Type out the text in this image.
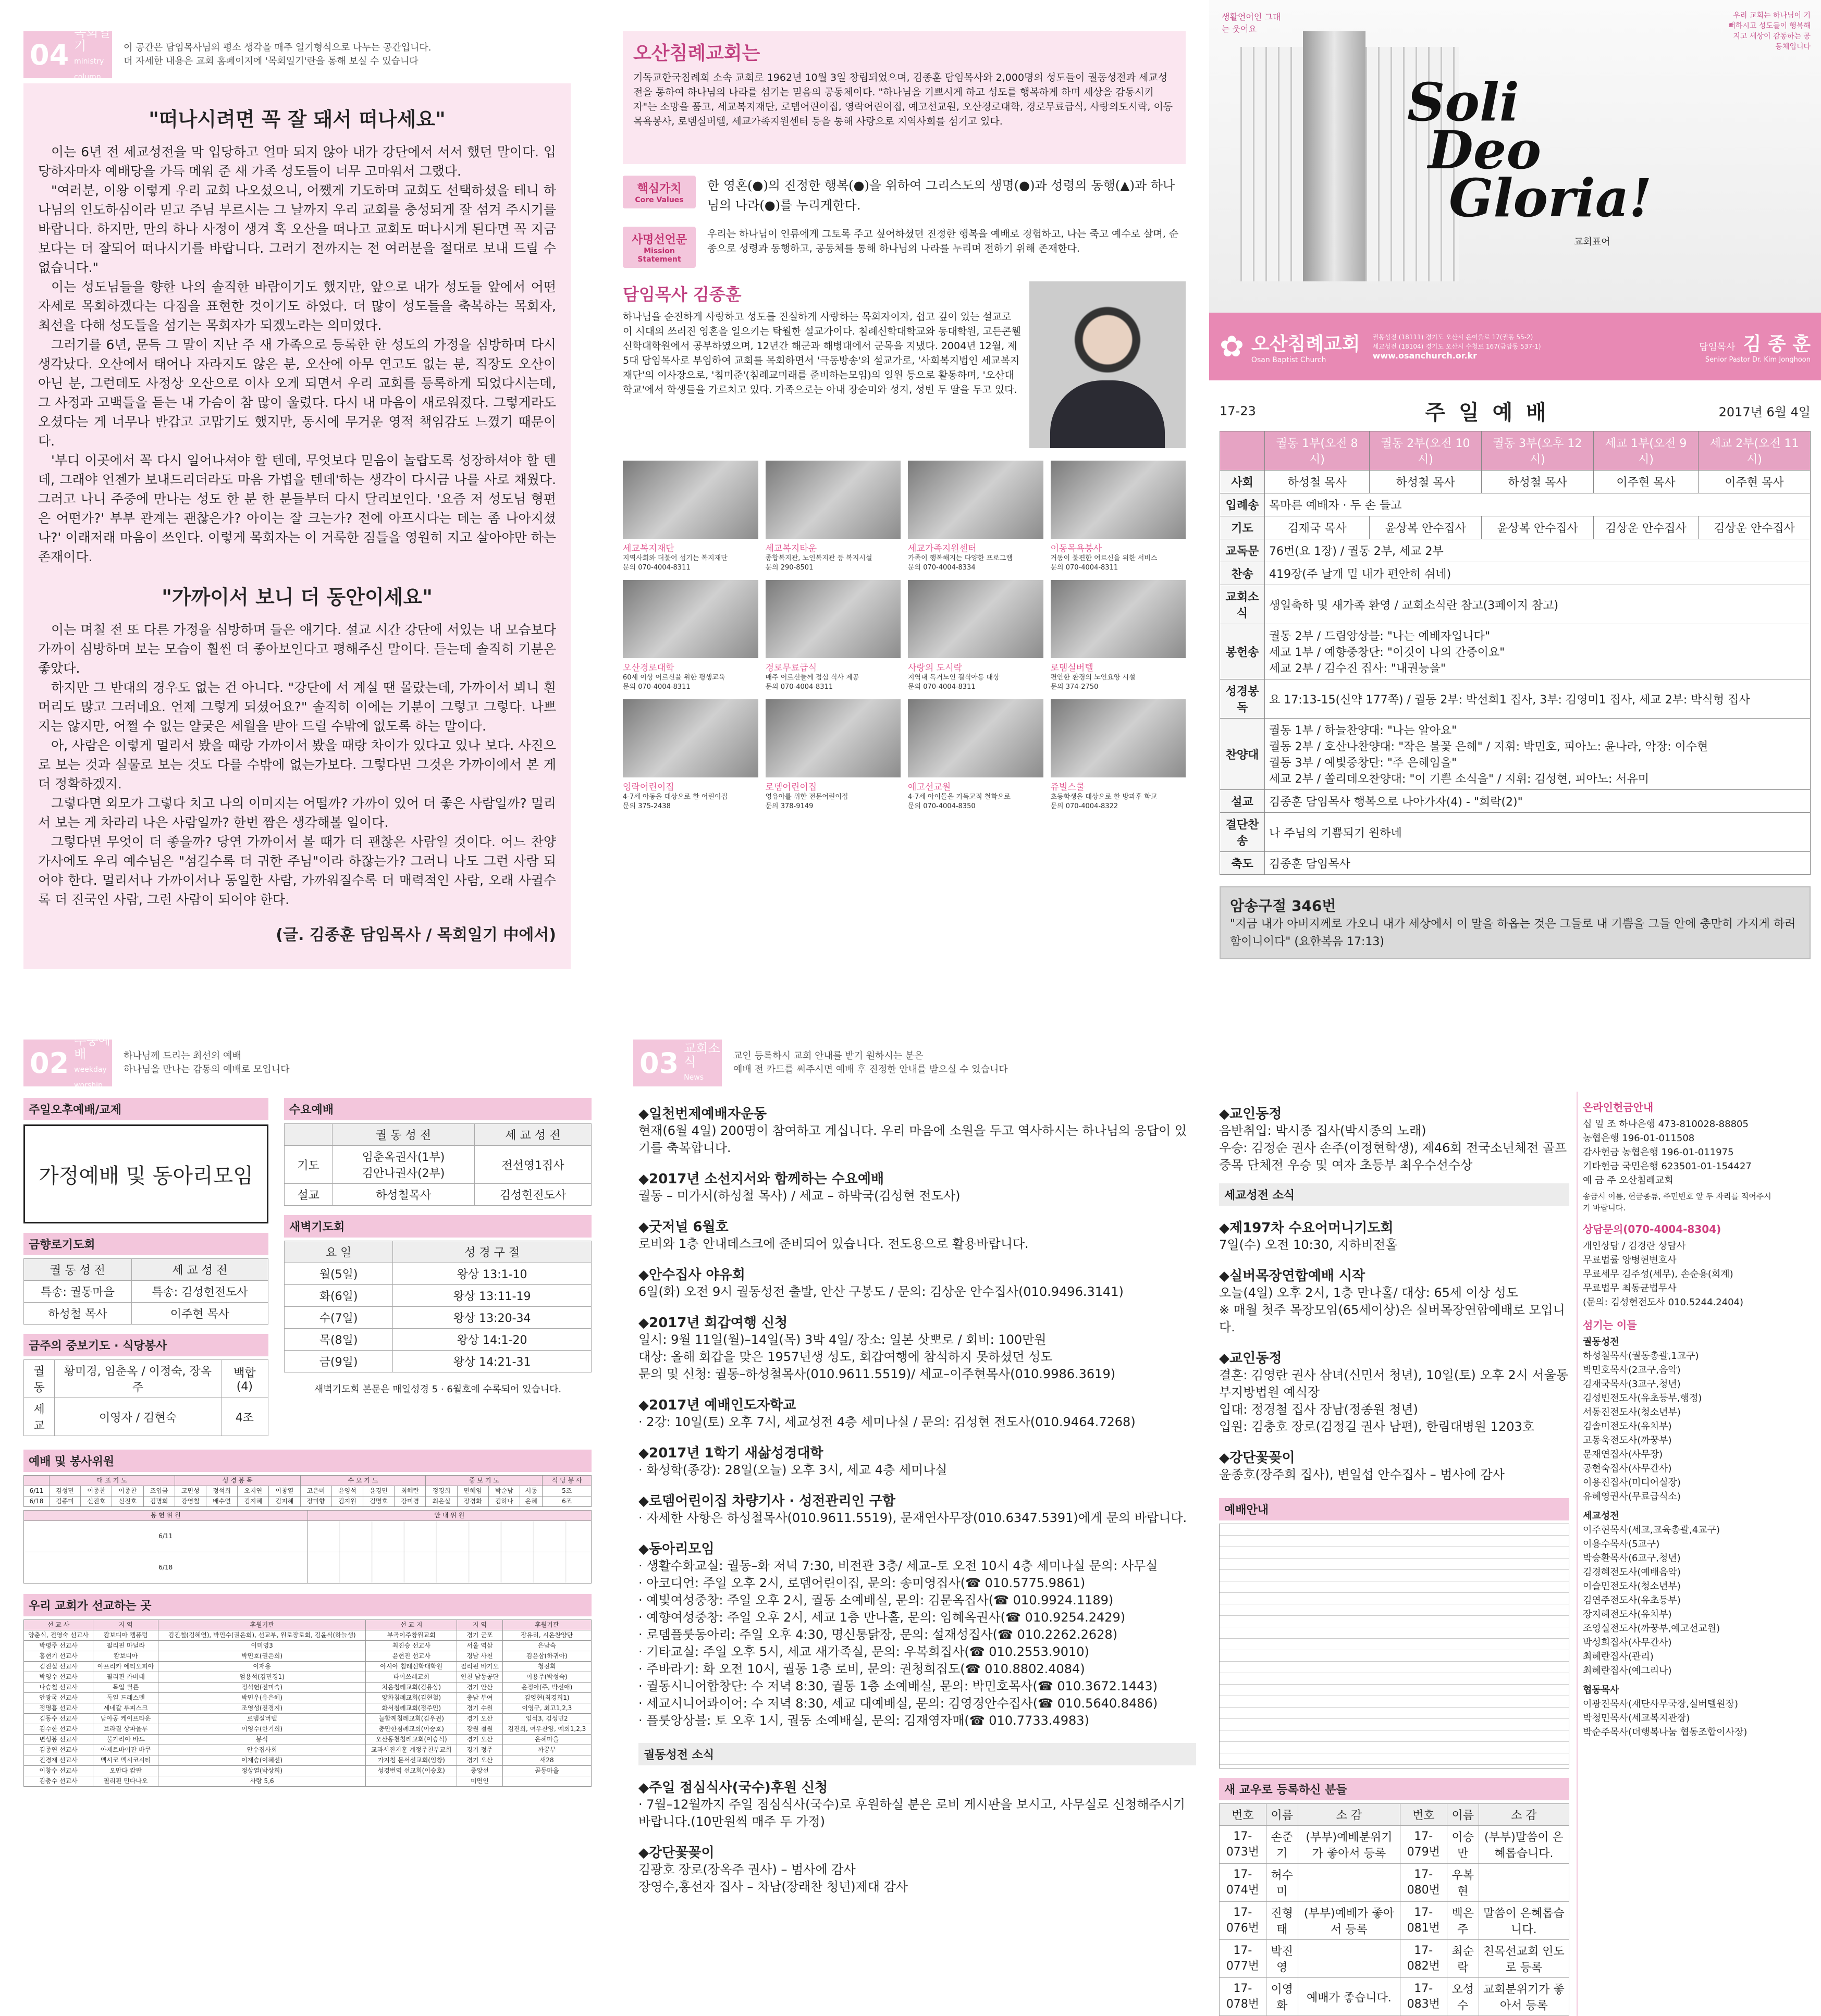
04
목회일기
ministry column
이 공간은 담임목사님의 평소 생각을 매주 일기형식으로 나누는 공간입니다.
더 자세한 내용은 교회 홈페이지에 '목회일기'란을 통해 보실 수 있습니다
"떠나시려면 꼭 잘 돼서 떠나세요"

이는 6년 전 세교성전을 막 입당하고 얼마 되지 않아 내가 강단에서 서서 했던 말이다. 입당하자마자 예배당을 가득 메워 준 새 가족 성도들이 너무 고마워서 그랬다.

"여러분, 이왕 이렇게 우리 교회 나오셨으니, 어쨌게 기도하며 교회도 선택하셨을 테니 하나님의 인도하심이라 믿고 주님 부르시는 그 날까지 우리 교회를 충성되게 잘 섬겨 주시기를 바랍니다. 하지만, 만의 하나 사정이 생겨 혹 오산을 떠나고 교회도 떠나시게 된다면 꼭 지금보다는 더 잘되어 떠나시기를 바랍니다. 그러기 전까지는 전 여러분을 절대로 보내 드릴 수 없습니다."

이는 성도님들을 향한 나의 솔직한 바람이기도 했지만, 앞으로 내가 성도들 앞에서 어떤 자세로 목회하겠다는 다짐을 표현한 것이기도 하였다. 더 많이 성도들을 축복하는 목회자, 최선을 다해 성도들을 섬기는 목회자가 되겠노라는 의미였다.

그러기를 6년, 문득 그 말이 지난 주 새 가족으로 등록한 한 성도의 가정을 심방하며 다시 생각났다. 오산에서 태어나 자라지도 않은 분, 오산에 아무 연고도 없는 분, 직장도 오산이 아닌 분, 그런데도 사정상 오산으로 이사 오게 되면서 우리 교회를 등록하게 되었다시는데, 그 사정과 고백들을 듣는 내 가슴이 참 많이 울렸다. 다시 내 마음이 새로워졌다. 그렇게라도 오셨다는 게 너무나 반갑고 고맙기도 했지만, 동시에 무거운 영적 책임감도 느꼈기 때문이다.

'부디 이곳에서 꼭 다시 일어나셔야 할 텐데, 무엇보다 믿음이 놀랍도록 성장하셔야 할 텐데, 그래야 언젠가 보내드리더라도 마음 가볍을 텐데'하는 생각이 다시금 나를 사로 채웠다. 그러고 나니 주중에 만나는 성도 한 분 한 분들부터 다시 달리보인다. '요즘 저 성도님 형편은 어떤가?' 부부 관계는 괜찮은가? 아이는 잘 크는가? 전에 아프시다는 데는 좀 나아지셨나?' 이래저래 마음이 쓰인다. 이렇게 목회자는 이 거룩한 짐들을 영원히 지고 살아야만 하는 존재이다.

"가까이서 보니 더 동안이세요"

이는 며칠 전 또 다른 가정을 심방하며 들은 얘기다. 설교 시간 강단에 서있는 내 모습보다 가까이 심방하며 보는 모습이 훨씬 더 좋아보인다고 평해주신 말이다. 듣는데 솔직히 기분은 좋았다.

하지만 그 반대의 경우도 없는 건 아니다. "강단에 서 계실 땐 몰랐는데, 가까이서 뵈니 흰머리도 많고 그러네요. 언제 그렇게 되셨어요?" 솔직히 이에는 기분이 그렇고 그렇다. 나쁘지는 않지만, 어쩔 수 없는 얄궂은 세월을 받아 드릴 수밖에 없도록 하는 말이다.

아, 사람은 이렇게 멀리서 봤을 때랑 가까이서 봤을 때랑 차이가 있다고 있나 보다. 사진으로 보는 것과 실물로 보는 것도 다를 수밖에 없는가보다. 그렇다면 그것은 가까이에서 본 게 더 정확하겠지.

그렇다면 외모가 그렇다 치고 나의 이미지는 어떨까? 가까이 있어 더 좋은 사람일까? 멀리서 보는 게 차라리 나은 사람일까? 한번 짬은 생각해볼 일이다.

그렇다면 무엇이 더 좋을까? 당연 가까이서 볼 때가 더 괜찮은 사람일 것이다. 어느 찬양 가사에도 우리 예수님은 "섬길수록 더 귀한 주님"이라 하잖는가? 그러니 나도 그런 사람 되어야 한다. 멀리서나 가까이서나 동일한 사람, 가까워질수록 더 매력적인 사람, 오래 사귈수록 더 진국인 사람, 그런 사람이 되어야 한다.

(글. 김종훈 담임목사 / 목회일기 中에서)
오산침례교회는
기독교한국침례회 소속 교회로 1962년 10월 3일 창립되었으며, 김종훈 담임목사와 2,000명의 성도들이 궐동성전과 세교성전을 통하여 하나님의 나라를 섬기는 믿음의 공동체이다. "하나님을 기쁘시게 하고 성도를 행복하게 하며 세상을 감동시키자"는 소망을 품고, 세교복지재단, 로뎀어린이집, 영락어린이집, 예고선교원, 오산경로대학, 경로무료급식, 사랑의도시락, 이동목욕봉사, 로뎀실버텔, 세교가족지원센터 등을 통해 사랑으로 지역사회를 섬기고 있다.
핵심가치
Core Values
한 영혼(●)의 진정한 행복(●)을 위하여 그리스도의 생명(●)과 성령의 동행(▲)과 하나님의 나라(●)를 누리게한다.
사명선언문
Mission Statement
우리는 하나님이 인류에게 그토록 주고 싶어하셨던 진정한 행복을 예배로 경험하고, 나는 죽고 예수로 살며, 순종으로 성령과 동행하고, 공동체를 통해 하나님의 나라를 누리며 전하기 위해 존재한다.
담임목사 김종훈
하나님을 순진하게 사랑하고 성도를 진실하게 사랑하는 목회자이자, 쉽고 깊이 있는 설교로 이 시대의 쓰러진 영혼을 일으키는 탁월한 설교가이다. 침례신학대학교와 동대학원, 고든콘웰신학대학원에서 공부하였으며, 12년간 해군과 해병대에서 군목을 지냈다. 2004년 12월, 제5대 담임목사로 부임하여 교회를 목회하면서 '극동방송'의 설교가로, '사회복지법인 세교복지재단'의 이사장으로, '침미준'(침례교미래를 준비하는모임)의 일원 등으로 활동하며, '오산대학교'에서 학생들을 가르치고 있다. 가족으로는 아내 장순미와 성지, 성빈 두 딸을 두고 있다.
세교복지재단
지역사회와 더불어 섬기는 복지재단
문의 070-4004-8311
세교복지타운
종합복지관, 노인복지관 등 복지시설
문의 290-8501
세교가족지원센터
가족이 행복해지는 다양한 프로그램
문의 070-4004-8334
이동목욕봉사
거동이 불편한 어르신을 위한 서비스
문의 070-4004-8311
오산경로대학
60세 이상 어르신을 위한 평생교육
문의 070-4004-8311
경로무료급식
매주 어르신들께 점심 식사 제공
문의 070-4004-8311
사랑의 도시락
지역내 독거노인 결식아동 대상
문의 070-4004-8311
로뎀실버텔
편안한 환경의 노인요양 시설
문의 374-2750
영락어린이집
4-7세 아동을 대상으로 한 어린이집
문의 375-2438
로뎀어린이집
영유아를 위한 전문어린이집
문의 378-9149
예고선교원
4-7세 아이들을 기독교적 철학으로
문의 070-4004-8350
쥬빌스쿨
초등학생을 대상으로 한 방과후 학교
문의 070-4004-8322
생활언어인 그대는 웃어요
우리 교회는 하나님이 기뻐하시고 성도들이 행복해지고 세상이 감동하는 공동체입니다
Soli
Deo
Gloria!
교회표어
✿ 오산침례교회
Osan Baptist Church
궐동성전 (18111) 경기도 오산시 은여울로 17(궐동 55-2)
세교성전 (18104) 경기도 오산시 수청로 167(금암동 537-1)
www.osanchurch.or.kr
담임목사 김 종 훈
Senior Pastor Dr. Kim Jonghoon
17-23	주 일 예 배	2017년 6월 4일
	궐동 1부(오전 8시)	궐동 2부(오전 10시)	궐동 3부(오후 12시)	세교 1부(오전 9시)	세교 2부(오전 11시)
사회	하성철 목사	하성철 목사	하성철 목사	이주현 목사	이주현 목사
입례송	목마른 예배자 · 두 손 들고				
기도	김재국 목사	윤상복 안수집사	윤상복 안수집사	김상운 안수집사	김상운 안수집사
교독문	76번(요 1장) / 궐동 2부, 세교 2부				
찬송	419장(주 날개 밑 내가 편안히 쉬네)				
교회소식	생일축하 및 새가족 환영 / 교회소식란 참고(3페이지 참고)				
봉헌송	궐동 2부 / 드림앙상블: "나는 예배자입니다"
세교 1부 / 예향중창단: "이것이 나의 간증이요"
세교 2부 / 김수진 집사: "내권능을"				

성경봉독	요 17:13-15(신약 177쪽) / 궐동 2부: 박선희1 집사, 3부: 김영미1 집사, 세교 2부: 박식형 집사				
찬양대	궐동 1부 / 하늘찬양대: "나는 알아요"
궐동 2부 / 호산나찬양대: "작은 불꽃 은혜" / 지휘: 박민호, 피아노: 윤나라, 악장: 이수현
궐동 3부 / 예빛중창단: "주 은혜임을"
세교 2부 / 쏠리데오찬양대: "이 기쁜 소식을" / 지휘: 김성현, 피아노: 서유미				

설교	김종훈 담임목사 행복으로 나아가자(4) - "희락(2)"				
결단찬송	나 주님의 기쁨되기 원하네				
축도	김종훈 담임목사				
암송구절 346번
"지금 내가 아버지께로 가오니 내가 세상에서 이 말을 하옵는 것은 그들로 내 기쁨을 그들 안에 충만히 가지게 하려 함이니이다" (요한복음 17:13)
02
주중예배
weekday worship
하나님께 드리는 최선의 예배
하나님을 만나는 감동의 예배로 모입니다
주일오후예배/교제
가정예배 및 동아리모임
금향로기도회
궐 동 성 전	세 교 성 전
특송: 궐동마을	특송: 김성현전도사
하성철 목사	이주현 목사
금주의 중보기도 · 식당봉사
궐동	황미경, 임춘옥 / 이정숙, 장옥주	백합(4)
세교	이영자 / 김현숙	4조
수요예배
	궐 동 성 전	세 교 성 전
기도	임춘옥권사(1부)
김안나권사(2부)	전선영1집사
설교	하성철목사	김성현전도사
새벽기도회
요 일	성 경 구 절
월(5일)	왕상 13:1-10
화(6일)	왕상 13:11-19
수(7일)	왕상 13:20-34
목(8일)	왕상 14:1-20
금(9일)	왕상 14:21-31
새벽기도회 본문은 매일성경 5 · 6월호에 수록되어 있습니다.
예배 및 봉사위원
	대 표 기 도				성 경 봉 독				수 요 기 도				중 보 기 도				식 당 봉 사
6/11	김성민	이종찬	이종찬	조입금	고민성	정석희	오지연	이창열	고은미	윤영석	윤경민	최혜란	정경희	민혜임	박순남	서동	5조
6/18	김종미	신진호	신진호	김명희	강영철	배수연	김지혜	김지혜	장미향	김지원	김명호	강미경	최은실	장경화	김하나	은혜	6조
봉 헌 위 원	안 내 위 원
6/11	
6/18	
우리 교회가 선교하는 곳
선 교 사	지 역	후원기관	선 교 지	지 역	후원기관
양춘식, 전영숙 선교사	캄보디아 캠퐁텀	김진철(김혜연), 박민수(권은희), 선교부, 원로장로회, 김윤식(하늘생)	부곡이주창원교회	경기 군포	장유리, 시온찬양단
박평주 선교사	필리핀 마닐라	이미영3	최진승 선교사	서울 역삼	은남숙
홍현기 선교사	캄보디아	박민호(권은희)	윤현진 선교사	경남 사천	김윤삼(하귀아)
김진실 선교사	아프리카 에티오피아	이재용	아시아 침례신학대학원	필리핀 바기오	청진회
박영수 선교사	필리핀 카비테	엄용석(김민경1)	타이쓰레교회	인천 남동공단	이용주(박성숙)
나승철 선교사	독일 퀼른	정석헌(전미숙)	처음침례교회(김용상)	경기 안산	윤정아(주, 박선애)
안광국 선교사	독일 드레스덴	박민우(유은혜)	양화침례교회(김현철)	충남 부여	김영현(최경희1)
정명흠 선교사	세네갈 루피스크	조영성(진경지)	화서침례교회(정주민)	경기 수원	이영구, 최고1,2,3
김동수 선교사	남아공 케이프타운	로뎀실버텔	늘함께침례교회(김우권)	경기 오산	임석3, 김성민2
김수한 선교사	브라질 상파울루	이영수(한기희)	충만한침례교회(이승호)	강원 철원	김진희, 여우찬양, 예회1,2,3
변성봉 선교사	불가리아 바드	봉식	오산동천침례교회(이승식)	경기 오산	은혜마을
김종연 선교사	아제르바이잔 바쿠	안수집사회	교과서진지훈 계정주천부교회	경기 정주	까꿍부
진경재 선교사	멕시코 멕시코시티	이재승(이혜선)	가지침 문서선교회(임창)	경기 오산	새28
이창수 선교사	오만다 캄판	정상열(박상희)	성경번역 선교회(이승호)	중앙선	골동마을
김충수 선교사	필리핀 민다나오	사랑 5,6		미면인	
03 교회소식
News
교인 등록하시 교회 안내를 받기 원하시는 분은
예배 전 카드를 써주시면 예배 후 진정한 안내를 받으실 수 있습니다
◆일천번제예배자운동
현재(6월 4일) 200명이 참여하고 계십니다. 우리 마음에 소원을 두고 역사하시는 하나님의 응답이 있기를 축복합니다.
◆2017년 소선지서와 함께하는 수요예배
궐동 – 미가서(하성철 목사) / 세교 – 하박국(김성현 전도사)
◆굿저널 6월호
로비와 1층 안내데스크에 준비되어 있습니다. 전도용으로 활용바랍니다.
◆안수집사 야유회
6일(화) 오전 9시 궐동성전 출발, 안산 구봉도 / 문의: 김상운 안수집사(010.9496.3141)
◆2017년 회갑여행 신청
일시: 9월 11일(월)–14일(목) 3박 4일/ 장소: 일본 삿뽀로 / 회비: 100만원
대상: 올해 회갑을 맞은 1957년생 성도, 회갑여행에 참석하지 못하셨던 성도
문의 및 신청: 궐동–하성철목사(010.9611.5519)/ 세교–이주현목사(010.9986.3619)
◆2017년 예배인도자학교
· 2강: 10일(토) 오후 7시, 세교성전 4층 세미나실 / 문의: 김성현 전도사(010.9464.7268)
◆2017년 1학기 새삶성경대학
· 화성학(종강): 28일(오늘) 오후 3시, 세교 4층 세미나실
◆로뎀어린이집 차량기사 · 성전관리인 구함
· 자세한 사항은 하성철목사(010.9611.5519), 문재연사무장(010.6347.5391)에게 문의 바랍니다.
◆동아리모임
· 생활수화교실: 궐동–화 저녁 7:30, 비전관 3층/ 세교–토 오전 10시 4층 세미나실 문의: 사무실
· 아코디언: 주일 오후 2시, 로뎀어린이집, 문의: 송미영집사(☎ 010.5775.9861)
· 예빛여성중창: 주일 오후 2시, 궐동 소예배실, 문의: 김문옥집사(☎ 010.9924.1189)
· 예향여성중창: 주일 오후 2시, 세교 1층 만나홀, 문의: 임혜옥권사(☎ 010.9254.2429)
· 로뎀플룻동아리: 주일 오후 4:30, 명신통닭장, 문의: 설재성집사(☎ 010.2262.2628)
· 기타교실: 주일 오후 5시, 세교 새가족실, 문의: 우복희집사(☎ 010.2553.9010)
· 주바라기: 화 오전 10시, 궐동 1층 로비, 문의: 권청희집도(☎ 010.8802.4084)
· 궐동시니어합창단: 수 저녁 8:30, 궐동 1층 소예배실, 문의: 박민호목사(☎ 010.3672.1443)
· 세교시니어콰이어: 수 저녁 8:30, 세교 대예배실, 문의: 김영경안수집사(☎ 010.5640.8486)
· 플룻앙상블: 토 오후 1시, 궐동 소예배실, 문의: 김재영자매(☎ 010.7733.4983)
궐동성전 소식
◆주일 점심식사(국수)후원 신청
· 7월–12월까지 주일 점심식사(국수)로 후원하실 분은 로비 게시판을 보시고, 사무실로 신청해주시기 바랍니다.(10만원씩 매주 두 가정)
◆강단꽃꽂이
김광호 장로(장옥주 권사) – 범사에 감사
장영수,홍선자 집사 – 차남(장래찬 청년)제대 감사
◆교인동정
음반취입: 박시종 집사(박시종의 노래)
우승: 김정순 권사 손주(이정현학생), 제46회 전국소년체전 골프중목 단체전 우승 및 여자 초등부 최우수선수상
세교성전 소식
◆제197차 수요어머니기도회
7일(수) 오전 10:30, 지하비전홀
◆실버목장연합예배 시작
오늘(4일) 오후 2시, 1층 만나홀/ 대상: 65세 이상 성도
※ 매월 첫주 목장모임(65세이상)은 실버목장연합예배로 모입니다.
◆교인동정
결혼: 김영란 권사 삼녀(신민서 청년), 10일(토) 오후 2시 서울동부지방법원 예식장
입대: 정경철 집사 장남(정종원 청년)
입원: 김충호 장로(김정길 권사 남편), 한림대병원 1203호
◆강단꽃꽂이
윤종호(장주희 집사), 변일섭 안수집사 – 범사에 감사
예배안내
새 교우로 등록하신 분들
번호	이름	소 감	번호	이름	소 감
17-073번	손준기	(부부)예배분위기가 좋아서 등록	17-079번	이승만	(부부)말씀이 은혜롭습니다.
17-074번	허수미		17-080번	우복현	
17-076번	진형태	(부부)예배가 좋아서 등록	17-081번	백은주	말씀이 은혜롭습니다.
17-077번	박진영		17-082번	최순락	친목선교회 인도로 등록
17-078번	이영화	예배가 좋습니다.	17-083번	오성수	교회분위기가 좋아서 등록
온라인헌금안내

십 일 조 하나은행 473-810028-88805

농협은행 196-01-011508

감사헌금 농협은행 196-01-011975

기타헌금 국민은행 623501-01-154427

예 금 주 오산침례교회

송금시 이름, 헌금종류, 주민번호 앞 두 자리를 적어주시기 바랍니다.

상담문의(070-4004-8304)

개인상담 / 김경란 상담사

무료법률 양병현변호사

무료세무 김주성(세무), 손순용(회계)

무료법무 최동균법무사

(문의: 김성현전도사 010.5244.2404)

섬기는 이들

궐동성전

하성철목사(궐동총괄,1교구)

박민호목사(2교구,음악)

김재국목사(3교구,청년)

김성빈전도사(유초등부,행정)

서동진전도사(청소년부)

김솔미전도사(유치부)

고동욱전도사(까꿍부)

문재연집사(사무장)

공현숙집사(사무간사)

이용진집사(미디어실장)

유혜영권사(무료급식소)

세교성전

이주현목사(세교,교육총괄,4교구)

이용수목사(5교구)

박승환목사(6교구,청년)

김경혜전도사(예배음악)

이슬민전도사(청소년부)

김연주전도사(유초등부)

장지혜전도사(유치부)

조영실전도사(까꿍부,예고선교원)

박성희집사(사무간사)

최혜란집사(관리)

최혜란집사(예그리나)

협동목사

이광진목사(재단사무국장,실버텔원장)

박청민목사(세교복지관장)

박순주목사(더행복나눔 협동조합이사장)
